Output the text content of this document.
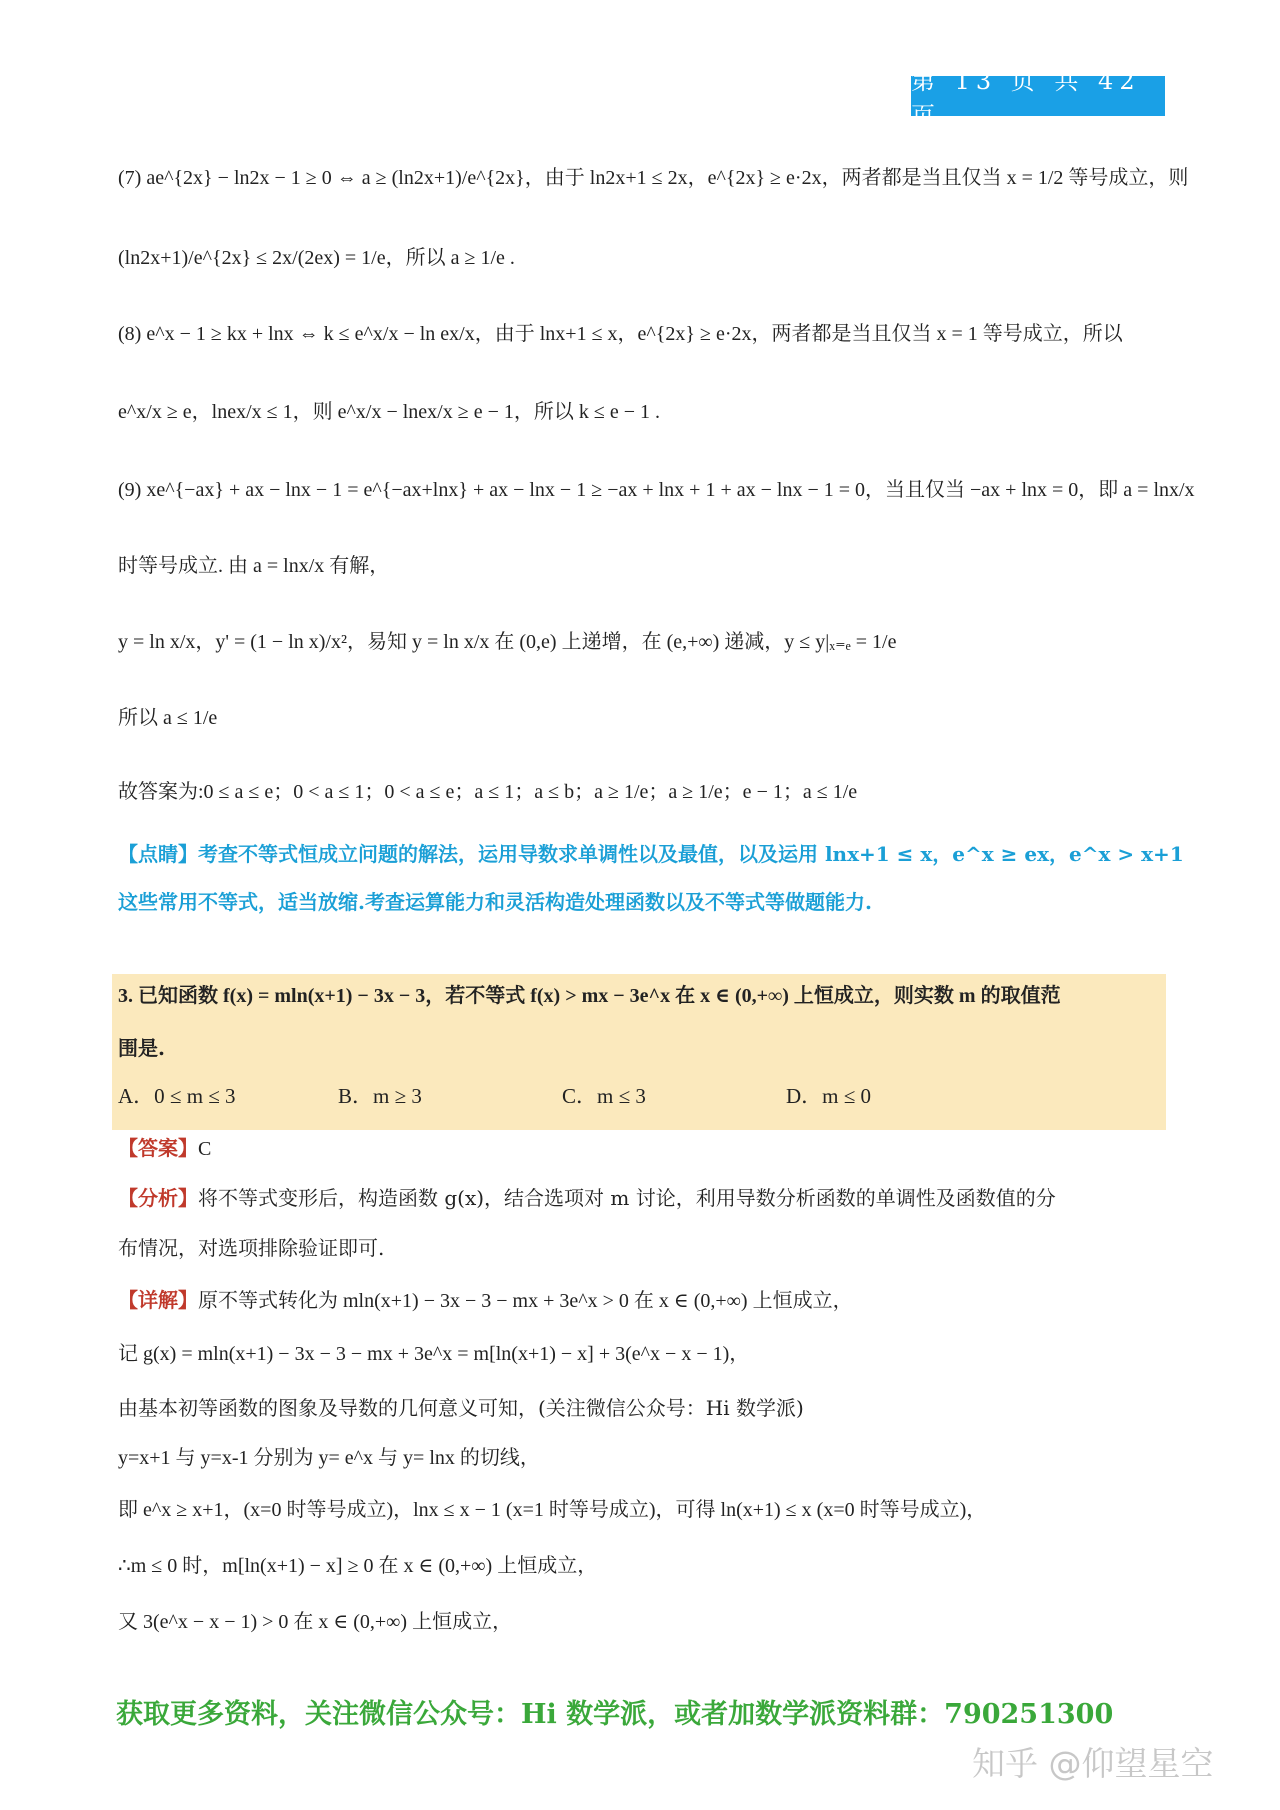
第 13 页 共 42 页
(7) ae^{2x} − ln2x − 1 ≥ 0 ⇔ a ≥ (ln2x+1)/e^{2x}，由于 ln2x+1 ≤ 2x，e^{2x} ≥ e·2x，两者都是当且仅当 x = 1/2 等号成立，则
(ln2x+1)/e^{2x} ≤ 2x/(2ex) = 1/e，所以 a ≥ 1/e .
(8) e^x − 1 ≥ kx + lnx ⇔ k ≤ e^x/x − ln ex/x，由于 lnx+1 ≤ x，e^{2x} ≥ e·2x，两者都是当且仅当 x = 1 等号成立，所以
e^x/x ≥ e，lnex/x ≤ 1，则 e^x/x − lnex/x ≥ e − 1，所以 k ≤ e − 1 .
(9) xe^{−ax} + ax − lnx − 1 = e^{−ax+lnx} + ax − lnx − 1 ≥ −ax + lnx + 1 + ax − lnx − 1 = 0，当且仅当 −ax + lnx = 0，即 a = lnx/x
时等号成立. 由 a = lnx/x 有解，
y = ln x/x，y' = (1 − ln x)/x²，易知 y = ln x/x 在 (0,e) 上递增，在 (e,+∞) 递减，y ≤ y|ₓ₌ₑ = 1/e
所以 a ≤ 1/e
故答案为:0 ≤ a ≤ e；0 < a ≤ 1；0 < a ≤ e；a ≤ 1；a ≤ b；a ≥ 1/e；a ≥ 1/e；e − 1；a ≤ 1/e
【点睛】考查不等式恒成立问题的解法，运用导数求单调性以及最值，以及运用 lnx+1 ≤ x，e^x ≥ ex，e^x > x+1
这些常用不等式，适当放缩.考查运算能力和灵活构造处理函数以及不等式等做题能力.
3. 已知函数 f(x) = mln(x+1) − 3x − 3，若不等式 f(x) > mx − 3e^x 在 x ∈ (0,+∞) 上恒成立，则实数 m 的取值范
围是.
A．0 ≤ m ≤ 3	B．m ≥ 3	C．m ≤ 3	D．m ≤ 0
【答案】C
【分析】将不等式变形后，构造函数 g(x)，结合选项对 m 讨论，利用导数分析函数的单调性及函数值的分
布情况，对选项排除验证即可.
【详解】原不等式转化为 mln(x+1) − 3x − 3 − mx + 3e^x > 0 在 x ∈ (0,+∞) 上恒成立，
记 g(x) = mln(x+1) − 3x − 3 − mx + 3e^x = m[ln(x+1) − x] + 3(e^x − x − 1)，
由基本初等函数的图象及导数的几何意义可知，(关注微信公众号：Hi 数学派)
y=x+1 与 y=x-1 分别为 y= e^x 与 y= lnx 的切线，
即 e^x ≥ x+1，(x=0 时等号成立)，lnx ≤ x − 1 (x=1 时等号成立)，可得 ln(x+1) ≤ x (x=0 时等号成立)，
∴m ≤ 0 时，m[ln(x+1) − x] ≥ 0 在 x ∈ (0,+∞) 上恒成立，
又 3(e^x − x − 1) > 0 在 x ∈ (0,+∞) 上恒成立，
获取更多资料，关注微信公众号：Hi 数学派，或者加数学派资料群：790251300
知乎 @仰望星空
